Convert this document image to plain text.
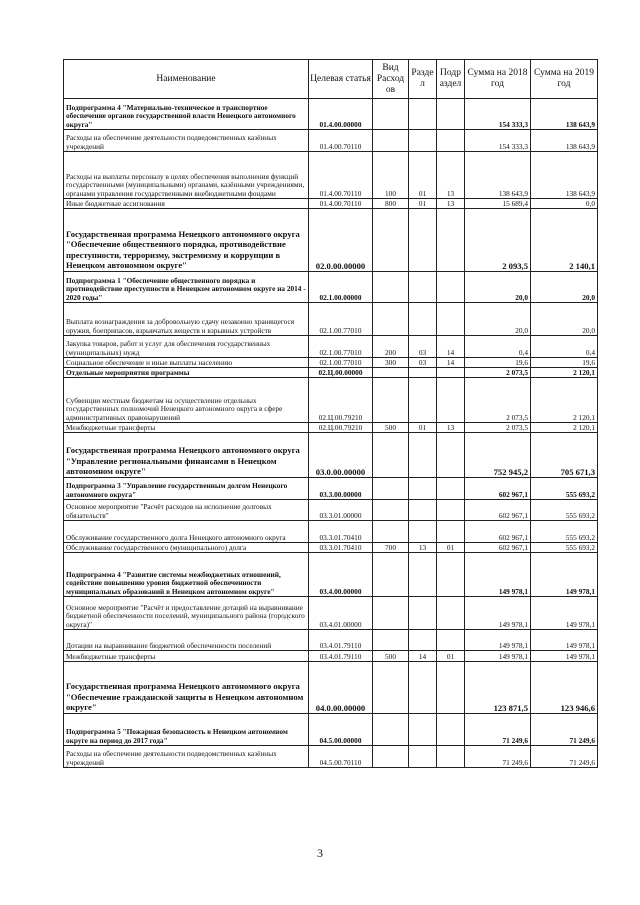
Наименование	Целевая статья	Вид Расход ов	Разде л	Подр аздел	Сумма на 2018 год	Сумма на 2019 год
Подпрограмма 4 "Материально-техническое и транспортное обеспечение органов государственной власти Ненецкого автономного округа"	01.4.00.00000				154 333,3	138 643,9
Расходы на обеспечение деятельности подведомственных казённых учреждений	01.4.00.70110				154 333,3	138 643,9
Расходы на выплаты персоналу в целях обеспечения выполнения функций государственными (муниципальными) органами, казёнными учреждениями, органами управления государственными внебюджетными фондами	01.4.00.70110	100	01	13	138 643,9	138 643,9
Иные бюджетные ассигнования	01.4.00.70110	800	01	13	15 689,4	0,0
Государственная программа Ненецкого автономного округа "Обеспечение общественного порядка, противодействие преступности, терроризму, экстремизму и коррупции в Ненецком автономном округе"	02.0.00.00000				2 093,5	2 140,1
Подпрограмма 1 "Обеспечение общественного порядка и противодействие преступности в Ненецком автономном округе на 2014 - 2020 годы"	02.1.00.00000				20,0	20,0
Выплата вознаграждения за добровольную сдачу незаконно хранящегося оружия, боеприпасов, взрывчатых веществ и взрывных устройств	02.1.00.77010				20,0	20,0
Закупка товаров, работ и услуг для обеспечения государственных (муниципальных) нужд	02.1.00.77010	200	03	14	0,4	0,4
Социальное обеспечение и иные выплаты населению	02.1.00.77010	300	03	14	19,6	19,6
Отдельные мероприятия программы	02.Ц.00.00000				2 073,5	2 120,1
Субвенции местным бюджетам на осуществление отдельных государственных полномочий Ненецкого автономного округа в сфере административных правонарушений	02.Ц.00.79210				2 073,5	2 120,1
Межбюджетные трансферты	02.Ц.00.79210	500	01	13	2 073,5	2 120,1
Государственная программа Ненецкого автономного округа "Управление региональными финансами в Ненецком автономном округе"	03.0.00.00000				752 945,2	705 671,3
Подпрограмма 3 "Управление государственным долгом Ненецкого автономного округа"	03.3.00.00000				602 967,1	555 693,2
Основное мероприятие "Расчёт расходов на исполнение долговых обязательств"	03.3.01.00000				602 967,1	555 693,2
Обслуживание государственного долга Ненецкого автономного округа	03.3.01.70410				602 967,1	555 693,2
Обслуживание государственного (муниципального) долга	03.3.01.70410	700	13	01	602 967,1	555 693,2
Подпрограмма 4 "Развитие системы межбюджетных отношений, содействие повышению уровня бюджетной обеспеченности муниципальных образований в Ненецком автономном округе"	03.4.00.00000				149 978,1	149 978,1
Основное мероприятие "Расчёт и предоставление дотаций на выравнивание бюджетной обеспеченности поселений, муниципального района (городского округа)"	03.4.01.00000				149 978,1	149 978,1
Дотации на выравнивание бюджетной обеспеченности поселений	03.4.01.79110				149 978,1	149 978,1
Межбюджетные трансферты	03.4.01.79110	500	14	01	149 978,1	149 978,1
Государственная программа Ненецкого автономного округа "Обеспечение гражданской защиты в Ненецком автономном округе"	04.0.00.00000				123 871,5	123 946,6
Подпрограмма 5 "Пожарная безопасность в Ненецком автономном округе на период до 2017 года"	04.5.00.00000				71 249,6	71 249,6
Расходы на обеспечение деятельности подведомственных казённых учреждений	04.5.00.70110				71 249,6	71 249,6
3
